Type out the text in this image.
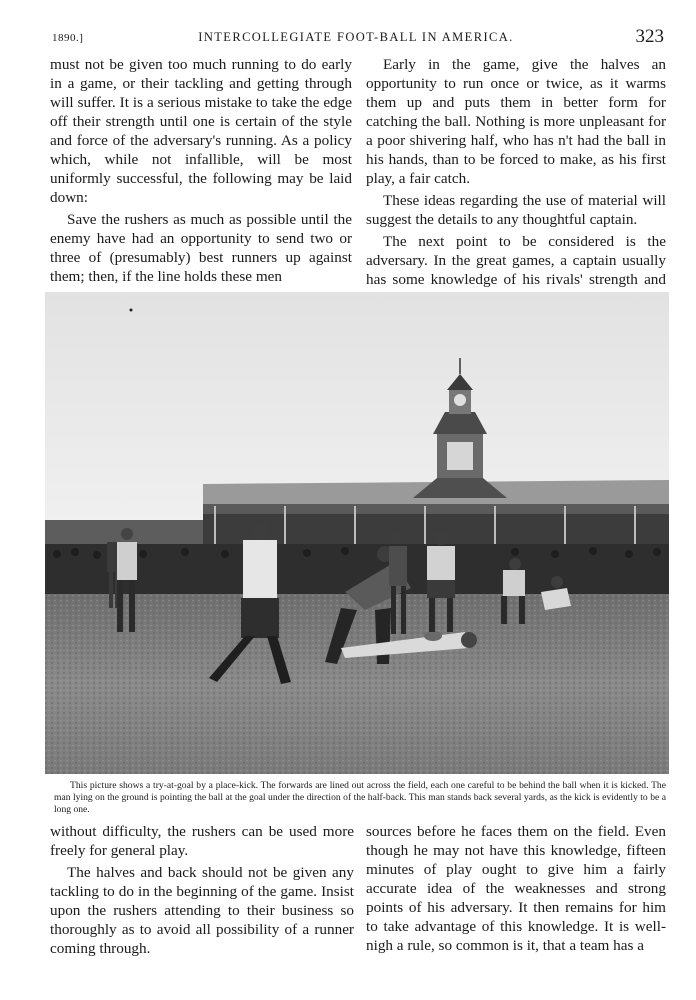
1890.]	INTERCOLLEGIATE FOOT-BALL IN AMERICA.	323

must not be given too much running to do early in a game, or their tackling and getting through will suffer. It is a serious mistake to take the edge off their strength until one is certain of the style and force of the adversary's running. As a policy which, while not infallible, will be most uniformly successful, the following may be laid down:

Save the rushers as much as possible until the enemy have had an opportunity to send two or three of (presumably) best runners up against them; then, if the line holds these men

Early in the game, give the halves an opportunity to run once or twice, as it warms them up and puts them in better form for catching the ball. Nothing is more unpleasant for a poor shivering half, who has n't had the ball in his hands, than to be forced to make, as his first play, a fair catch.

These ideas regarding the use of material will suggest the details to any thoughtful captain.

The next point to be considered is the adversary. In the great games, a captain usually has some knowledge of his rivals' strength and

This picture shows a try-at-goal by a place-kick. The forwards are lined out across the field, each one careful to be behind the ball when it is kicked. The man lying on the ground is pointing the ball at the goal under the direction of the half-back. This man stands back several yards, as the kick is evidently to be a long one.

without difficulty, the rushers can be used more freely for general play.

The halves and back should not be given any tackling to do in the beginning of the game. Insist upon the rushers attending to their business so thoroughly as to avoid all possibility of a runner coming through.

sources before he faces them on the field. Even though he may not have this knowledge, fifteen minutes of play ought to give him a fairly accurate idea of the weaknesses and strong points of his adversary. It then remains for him to take advantage of this knowledge. It is well-nigh a rule, so common is it, that a team has a
